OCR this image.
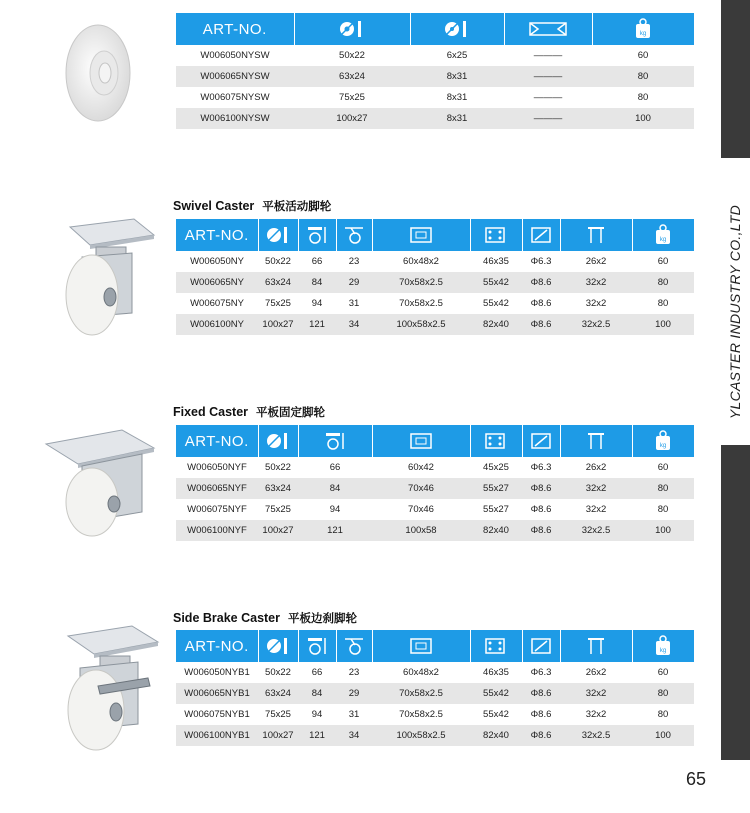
YLCASTER INDUSTRY CO.,LTD
65
ART-NO.				kg

W006050NYSW	50x22	6x25	———	60
W006065NYSW	63x24	8x31	———	80
W006075NYSW	75x25	8x31	———	80
W006100NYSW	100x27	8x31	———	100
Swivel Caster 平板活动脚轮
ART-NO.								kg

W006050NY	50x22	66	23	60x48x2	46x35	Φ6.3	26x2	60
W006065NY	63x24	84	29	70x58x2.5	55x42	Φ8.6	32x2	80
W006075NY	75x25	94	31	70x58x2.5	55x42	Φ8.6	32x2	80
W006100NY	100x27	121	34	100x58x2.5	82x40	Φ8.6	32x2.5	100
Fixed Caster 平板固定脚轮
ART-NO.							kg

W006050NYF	50x22	66	60x42	45x25	Φ6.3	26x2	60
W006065NYF	63x24	84	70x46	55x27	Φ8.6	32x2	80
W006075NYF	75x25	94	70x46	55x27	Φ8.6	32x2	80
W006100NYF	100x27	121	100x58	82x40	Φ8.6	32x2.5	100
Side Brake Caster 平板边刹脚轮
ART-NO.								kg

W006050NYB1	50x22	66	23	60x48x2	46x35	Φ6.3	26x2	60
W006065NYB1	63x24	84	29	70x58x2.5	55x42	Φ8.6	32x2	80
W006075NYB1	75x25	94	31	70x58x2.5	55x42	Φ8.6	32x2	80
W006100NYB1	100x27	121	34	100x58x2.5	82x40	Φ8.6	32x2.5	100
